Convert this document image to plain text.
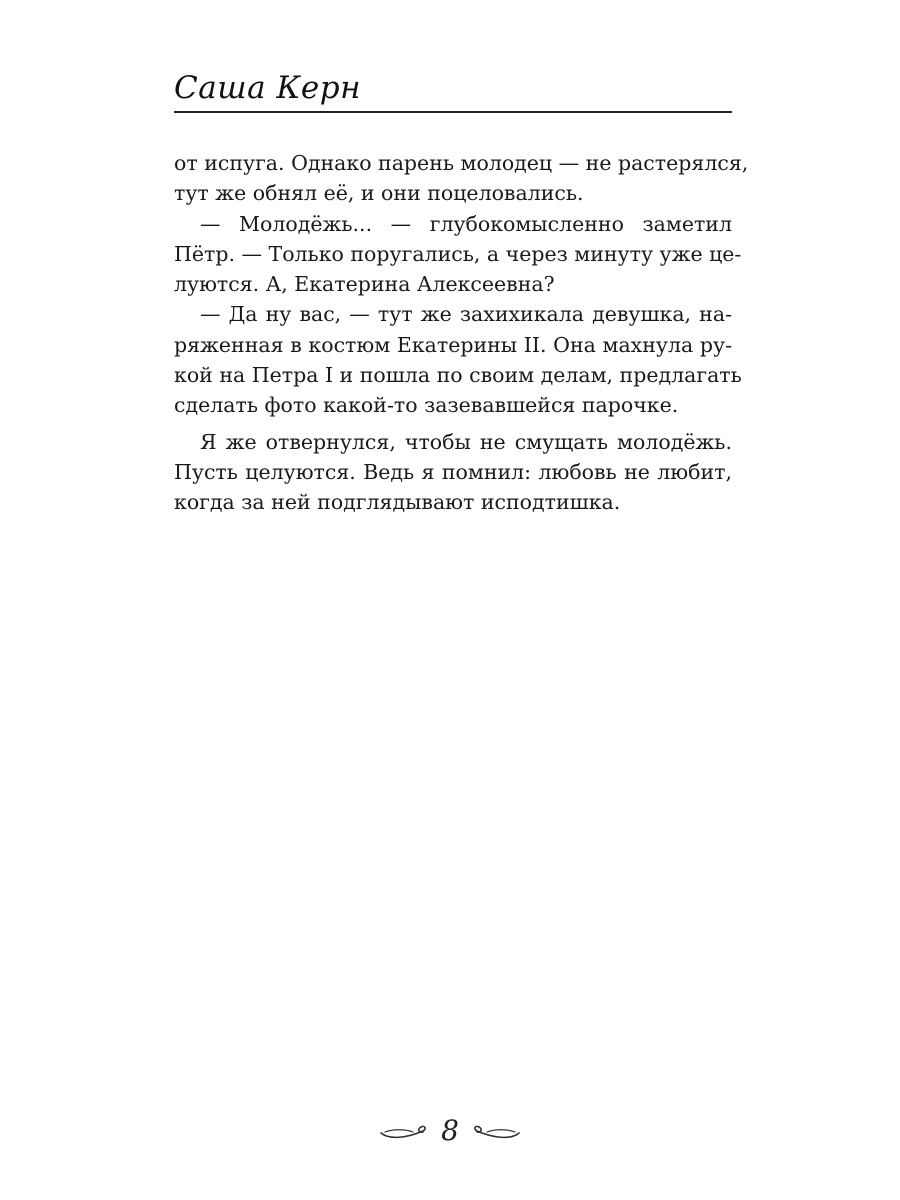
Саша Керн
от испуга. Однако парень молодец — не растерялся,
тут же обнял её, и они поцеловались.
— Молодёжь... — глубокомысленно заметил
Пётр. — Только поругались, а через минуту уже це-
луются. А, Екатерина Алексеевна?
— Да ну вас, — тут же захихикала девушка, на-
ряженная в костюм Екатерины II. Она махнула ру-
кой на Петра I и пошла по своим делам, предлагать
сделать фото какой-то зазевавшейся парочке.
Я же отвернулся, чтобы не смущать молодёжь.
Пусть целуются. Ведь я помнил: любовь не любит,
когда за ней подглядывают исподтишка.
8
